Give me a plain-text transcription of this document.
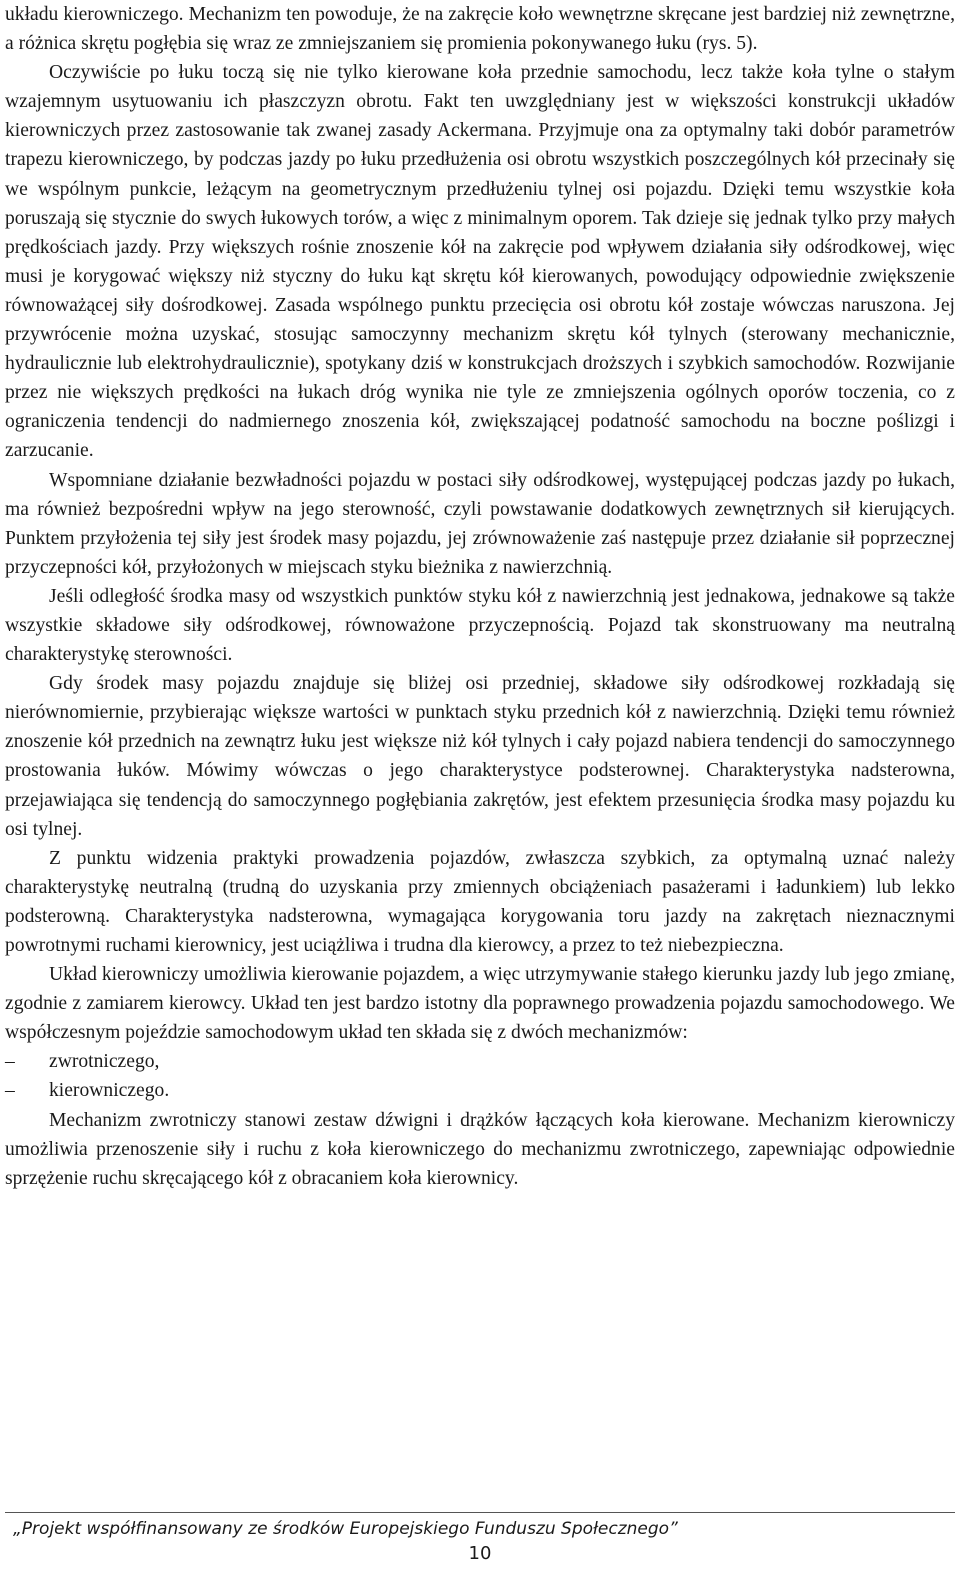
układu kierowniczego. Mechanizm ten powoduje, że na zakręcie koło wewnętrzne skręcane jest bardziej niż zewnętrzne, a różnica skrętu pogłębia się wraz ze zmniejszaniem się promienia pokonywanego łuku (rys. 5).

Oczywiście po łuku toczą się nie tylko kierowane koła przednie samochodu, lecz także koła tylne o stałym wzajemnym usytuowaniu ich płaszczyzn obrotu. Fakt ten uwzględniany jest w większości konstrukcji układów kierowniczych przez zastosowanie tak zwanej zasady Ackermana. Przyjmuje ona za optymalny taki dobór parametrów trapezu kierowniczego, by podczas jazdy po łuku przedłużenia osi obrotu wszystkich poszczególnych kół przecinały się we wspólnym punkcie, leżącym na geometrycznym przedłużeniu tylnej osi pojazdu. Dzięki temu wszystkie koła poruszają się stycznie do swych łukowych torów, a więc z minimalnym oporem. Tak dzieje się jednak tylko przy małych prędkościach jazdy. Przy większych rośnie znoszenie kół na zakręcie pod wpływem działania siły odśrodkowej, więc musi je korygować większy niż styczny do łuku kąt skrętu kół kierowanych, powodujący odpowiednie zwiększenie równoważącej siły dośrodkowej. Zasada wspólnego punktu przecięcia osi obrotu kół zostaje wówczas naruszona. Jej przywrócenie można uzyskać, stosując samoczynny mechanizm skrętu kół tylnych (sterowany mechanicznie, hydraulicznie lub elektrohydraulicznie), spotykany dziś w konstrukcjach droższych i szybkich samochodów. Rozwijanie przez nie większych prędkości na łukach dróg wynika nie tyle ze zmniejszenia ogólnych oporów toczenia, co z ograniczenia tendencji do nadmiernego znoszenia kół, zwiększającej podatność samochodu na boczne poślizgi i zarzucanie.

Wspomniane działanie bezwładności pojazdu w postaci siły odśrodkowej, występującej podczas jazdy po łukach, ma również bezpośredni wpływ na jego sterowność, czyli powstawanie dodatkowych zewnętrznych sił kierujących. Punktem przyłożenia tej siły jest środek masy pojazdu, jej zrównoważenie zaś następuje przez działanie sił poprzecznej przyczepności kół, przyłożonych w miejscach styku bieżnika z nawierzchnią.

Jeśli odległość środka masy od wszystkich punktów styku kół z nawierzchnią jest jednakowa, jednakowe są także wszystkie składowe siły odśrodkowej, równoważone przyczepnością. Pojazd tak skonstruowany ma neutralną charakterystykę sterowności.

Gdy środek masy pojazdu znajduje się bliżej osi przedniej, składowe siły odśrodkowej rozkładają się nierównomiernie, przybierając większe wartości w punktach styku przednich kół z nawierzchnią. Dzięki temu również znoszenie kół przednich na zewnątrz łuku jest większe niż kół tylnych i cały pojazd nabiera tendencji do samoczynnego prostowania łuków. Mówimy wówczas o jego charakterystyce podsterownej. Charakterystyka nadsterowna, przejawiająca się tendencją do samoczynnego pogłębiania zakrętów, jest efektem przesunięcia środka masy pojazdu ku osi tylnej.

Z punktu widzenia praktyki prowadzenia pojazdów, zwłaszcza szybkich, za optymalną uznać należy charakterystykę neutralną (trudną do uzyskania przy zmiennych obciążeniach pasażerami i ładunkiem) lub lekko podsterowną. Charakterystyka nadsterowna, wymagająca korygowania toru jazdy na zakrętach nieznacznymi powrotnymi ruchami kierownicy, jest uciążliwa i trudna dla kierowcy, a przez to też niebezpieczna.

Układ kierowniczy umożliwia kierowanie pojazdem, a więc utrzymywanie stałego kierunku jazdy lub jego zmianę, zgodnie z zamiarem kierowcy. Układ ten jest bardzo istotny dla poprawnego prowadzenia pojazdu samochodowego. We współczesnym pojeździe samochodowym układ ten składa się z dwóch mechanizmów:

–	zwrotniczego,
–	kierowniczego.

Mechanizm zwrotniczy stanowi zestaw dźwigni i drążków łączących koła kierowane. Mechanizm kierowniczy umożliwia przenoszenie siły i ruchu z koła kierowniczego do mechanizmu zwrotniczego, zapewniając odpowiednie sprzężenie ruchu skręcającego kół z obracaniem koła kierownicy.

„Projekt współfinansowany ze środków Europejskiego Funduszu Społecznego”
10
